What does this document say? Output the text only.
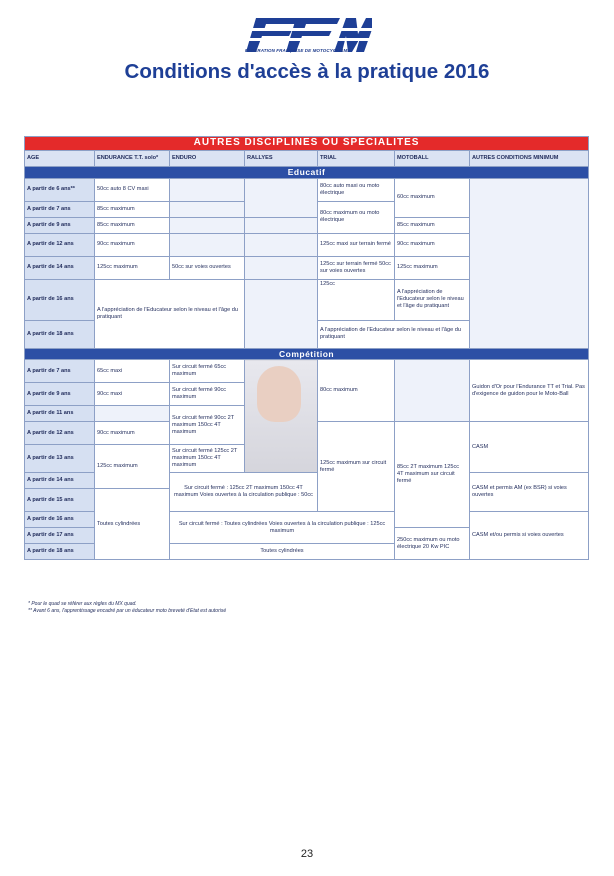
FEDERATION FRANÇAISE DE MOTOCYCLISME
Conditions d'accès à la pratique 2016
AUTRES DISCIPLINES OU SPECIALITES						
AGE	ENDURANCE T.T. solo*	ENDURO	RALLYES	TRIAL	MOTOBALL	AUTRES CONDITIONS MINIMUM
Educatif						
A partir de 6 ans**	50cc auto 8 CV maxi			80cc auto maxi ou moto électrique	60cc maximum	
A partir de 7 ans	85cc maximum			80cc maximum ou moto électrique		
A partir de 9 ans	85cc maximum				85cc maximum	
A partir de 12 ans	90cc maximum			125cc maxi sur terrain fermé	90cc maximum	
A partir de 14 ans	125cc maximum	50cc sur voies ouvertes		125cc sur terrain fermé 50cc sur voies ouvertes	125cc maximum	
A partir de 16 ans	A l'appréciation de l'Educateur selon le niveau et l'âge du pratiquant			125cc	A l'appréciation de l'Educateur selon le niveau et l'âge du pratiquant	
A partir de 18 ans				A l'appréciation de l'Educateur selon le niveau et l'âge du pratiquant		
Compétition						
A partir de 7 ans	65cc maxi	Sur circuit fermé 65cc maximum		80cc maximum		Guidon d'Or pour l'Endurance TT et Trial. Pas d'exigence de guidon pour le Moto-Ball
A partir de 9 ans	90cc maxi	Sur circuit fermé 90cc maximum				
A partir de 11 ans		Sur circuit fermé 90cc 2T maximum 150cc 4T maximum				
A partir de 12 ans	90cc maximum			125cc maximum sur circuit fermé	85cc 2T maximum 125cc 4T maximum sur circuit fermé	CASM
A partir de 13 ans	125cc maximum	Sur circuit fermé 125cc 2T maximum 150cc 4T maximum				
A partir de 14 ans		Sur circuit fermé : 125cc 2T maximum 150cc 4T maximum Voies ouvertes à la circulation publique : 50cc				CASM et permis AM (ex BSR) si voies ouvertes
A partir de 15 ans	Toutes cylindrées					
A partir de 16 ans		Sur circuit fermé : Toutes cylindrées Voies ouvertes à la circulation publique : 125cc maximum				CASM et/ou permis si voies ouvertes
A partir de 17 ans					250cc maximum ou moto électrique 20 Kw PIC	
A partir de 18 ans		Toutes cylindrées				
* Pour le quad se référer aux règles du MX quad.
** Avant 6 ans, l'apprentissage encadré par un éducateur moto breveté d'Etat est autorisé
23
